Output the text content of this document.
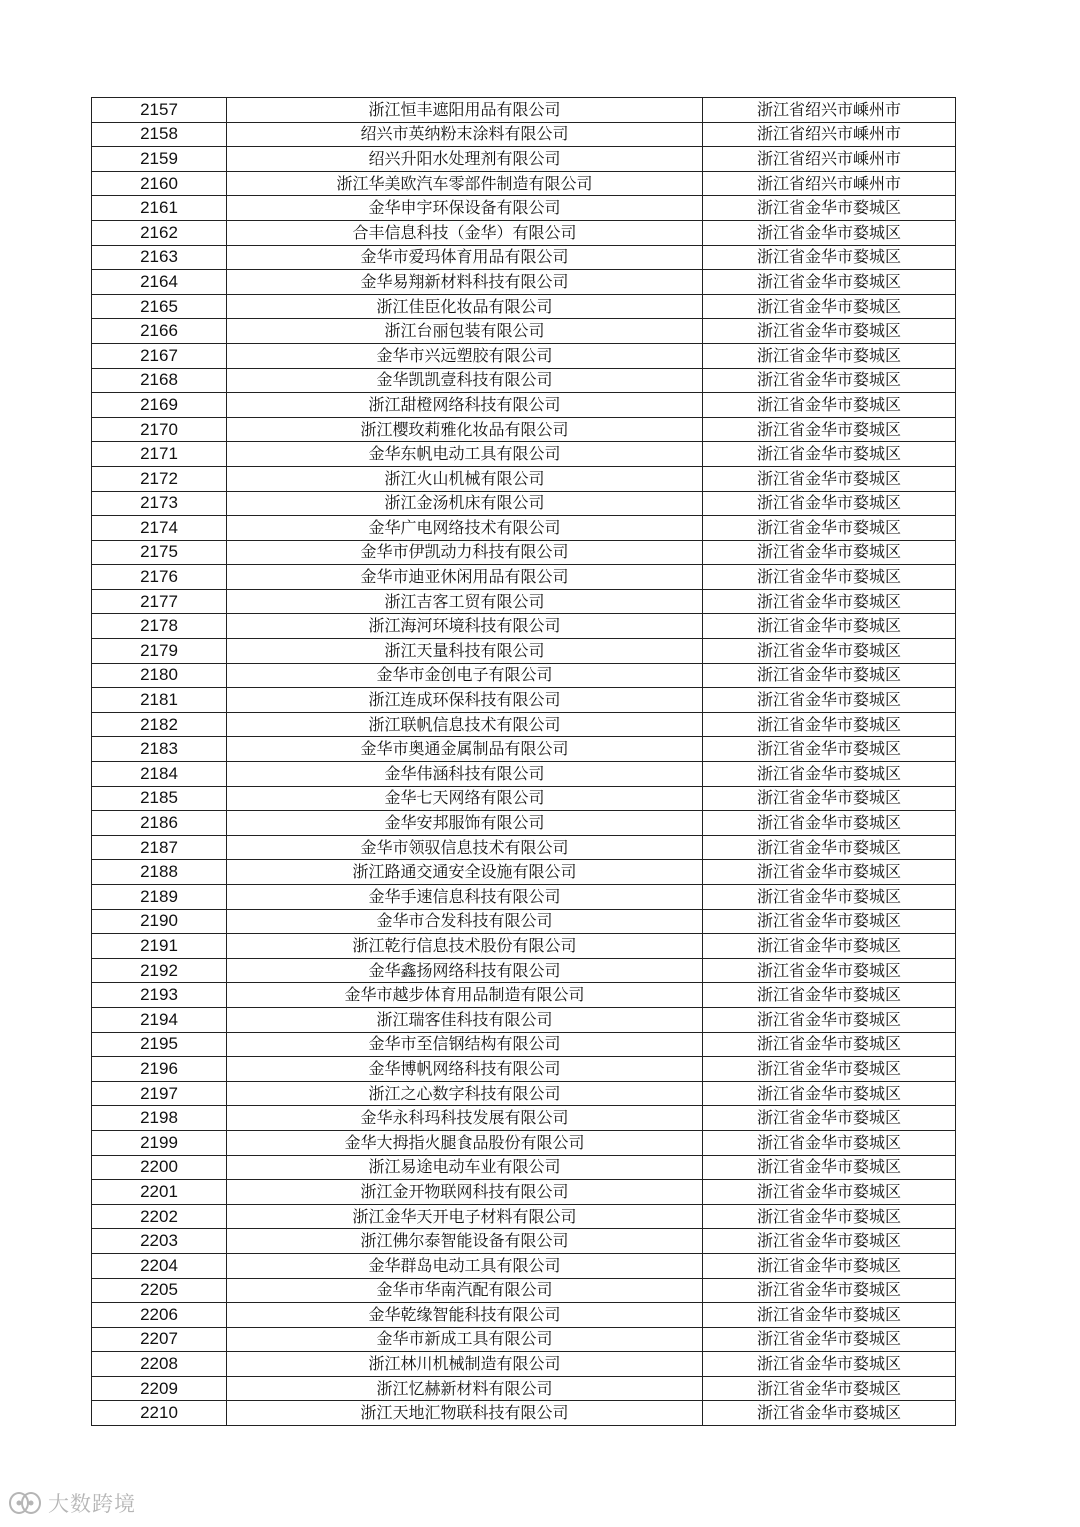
2157	浙江恒丰遮阳用品有限公司	浙江省绍兴市嵊州市
2158	绍兴市英纳粉末涂料有限公司	浙江省绍兴市嵊州市
2159	绍兴升阳水处理剂有限公司	浙江省绍兴市嵊州市
2160	浙江华美欧汽车零部件制造有限公司	浙江省绍兴市嵊州市
2161	金华申宇环保设备有限公司	浙江省金华市婺城区
2162	合丰信息科技（金华）有限公司	浙江省金华市婺城区
2163	金华市爱玛体育用品有限公司	浙江省金华市婺城区
2164	金华易翔新材料科技有限公司	浙江省金华市婺城区
2165	浙江佳臣化妆品有限公司	浙江省金华市婺城区
2166	浙江台丽包装有限公司	浙江省金华市婺城区
2167	金华市兴远塑胶有限公司	浙江省金华市婺城区
2168	金华凯凯壹科技有限公司	浙江省金华市婺城区
2169	浙江甜橙网络科技有限公司	浙江省金华市婺城区
2170	浙江樱玫莉雅化妆品有限公司	浙江省金华市婺城区
2171	金华东帆电动工具有限公司	浙江省金华市婺城区
2172	浙江火山机械有限公司	浙江省金华市婺城区
2173	浙江金汤机床有限公司	浙江省金华市婺城区
2174	金华广电网络技术有限公司	浙江省金华市婺城区
2175	金华市伊凯动力科技有限公司	浙江省金华市婺城区
2176	金华市迪亚休闲用品有限公司	浙江省金华市婺城区
2177	浙江吉客工贸有限公司	浙江省金华市婺城区
2178	浙江海河环境科技有限公司	浙江省金华市婺城区
2179	浙江天量科技有限公司	浙江省金华市婺城区
2180	金华市金创电子有限公司	浙江省金华市婺城区
2181	浙江连成环保科技有限公司	浙江省金华市婺城区
2182	浙江联帆信息技术有限公司	浙江省金华市婺城区
2183	金华市奥通金属制品有限公司	浙江省金华市婺城区
2184	金华伟涵科技有限公司	浙江省金华市婺城区
2185	金华七天网络有限公司	浙江省金华市婺城区
2186	金华安邦服饰有限公司	浙江省金华市婺城区
2187	金华市领驭信息技术有限公司	浙江省金华市婺城区
2188	浙江路通交通安全设施有限公司	浙江省金华市婺城区
2189	金华手速信息科技有限公司	浙江省金华市婺城区
2190	金华市合发科技有限公司	浙江省金华市婺城区
2191	浙江乾行信息技术股份有限公司	浙江省金华市婺城区
2192	金华鑫扬网络科技有限公司	浙江省金华市婺城区
2193	金华市越步体育用品制造有限公司	浙江省金华市婺城区
2194	浙江瑞客佳科技有限公司	浙江省金华市婺城区
2195	金华市至信钢结构有限公司	浙江省金华市婺城区
2196	金华博帆网络科技有限公司	浙江省金华市婺城区
2197	浙江之心数字科技有限公司	浙江省金华市婺城区
2198	金华永科玛科技发展有限公司	浙江省金华市婺城区
2199	金华大拇指火腿食品股份有限公司	浙江省金华市婺城区
2200	浙江易途电动车业有限公司	浙江省金华市婺城区
2201	浙江金开物联网科技有限公司	浙江省金华市婺城区
2202	浙江金华天开电子材料有限公司	浙江省金华市婺城区
2203	浙江佛尔泰智能设备有限公司	浙江省金华市婺城区
2204	金华群岛电动工具有限公司	浙江省金华市婺城区
2205	金华市华南汽配有限公司	浙江省金华市婺城区
2206	金华乾缘智能科技有限公司	浙江省金华市婺城区
2207	金华市新成工具有限公司	浙江省金华市婺城区
2208	浙江林川机械制造有限公司	浙江省金华市婺城区
2209	浙江忆赫新材料有限公司	浙江省金华市婺城区
2210	浙江天地汇物联科技有限公司	浙江省金华市婺城区
大数跨境
